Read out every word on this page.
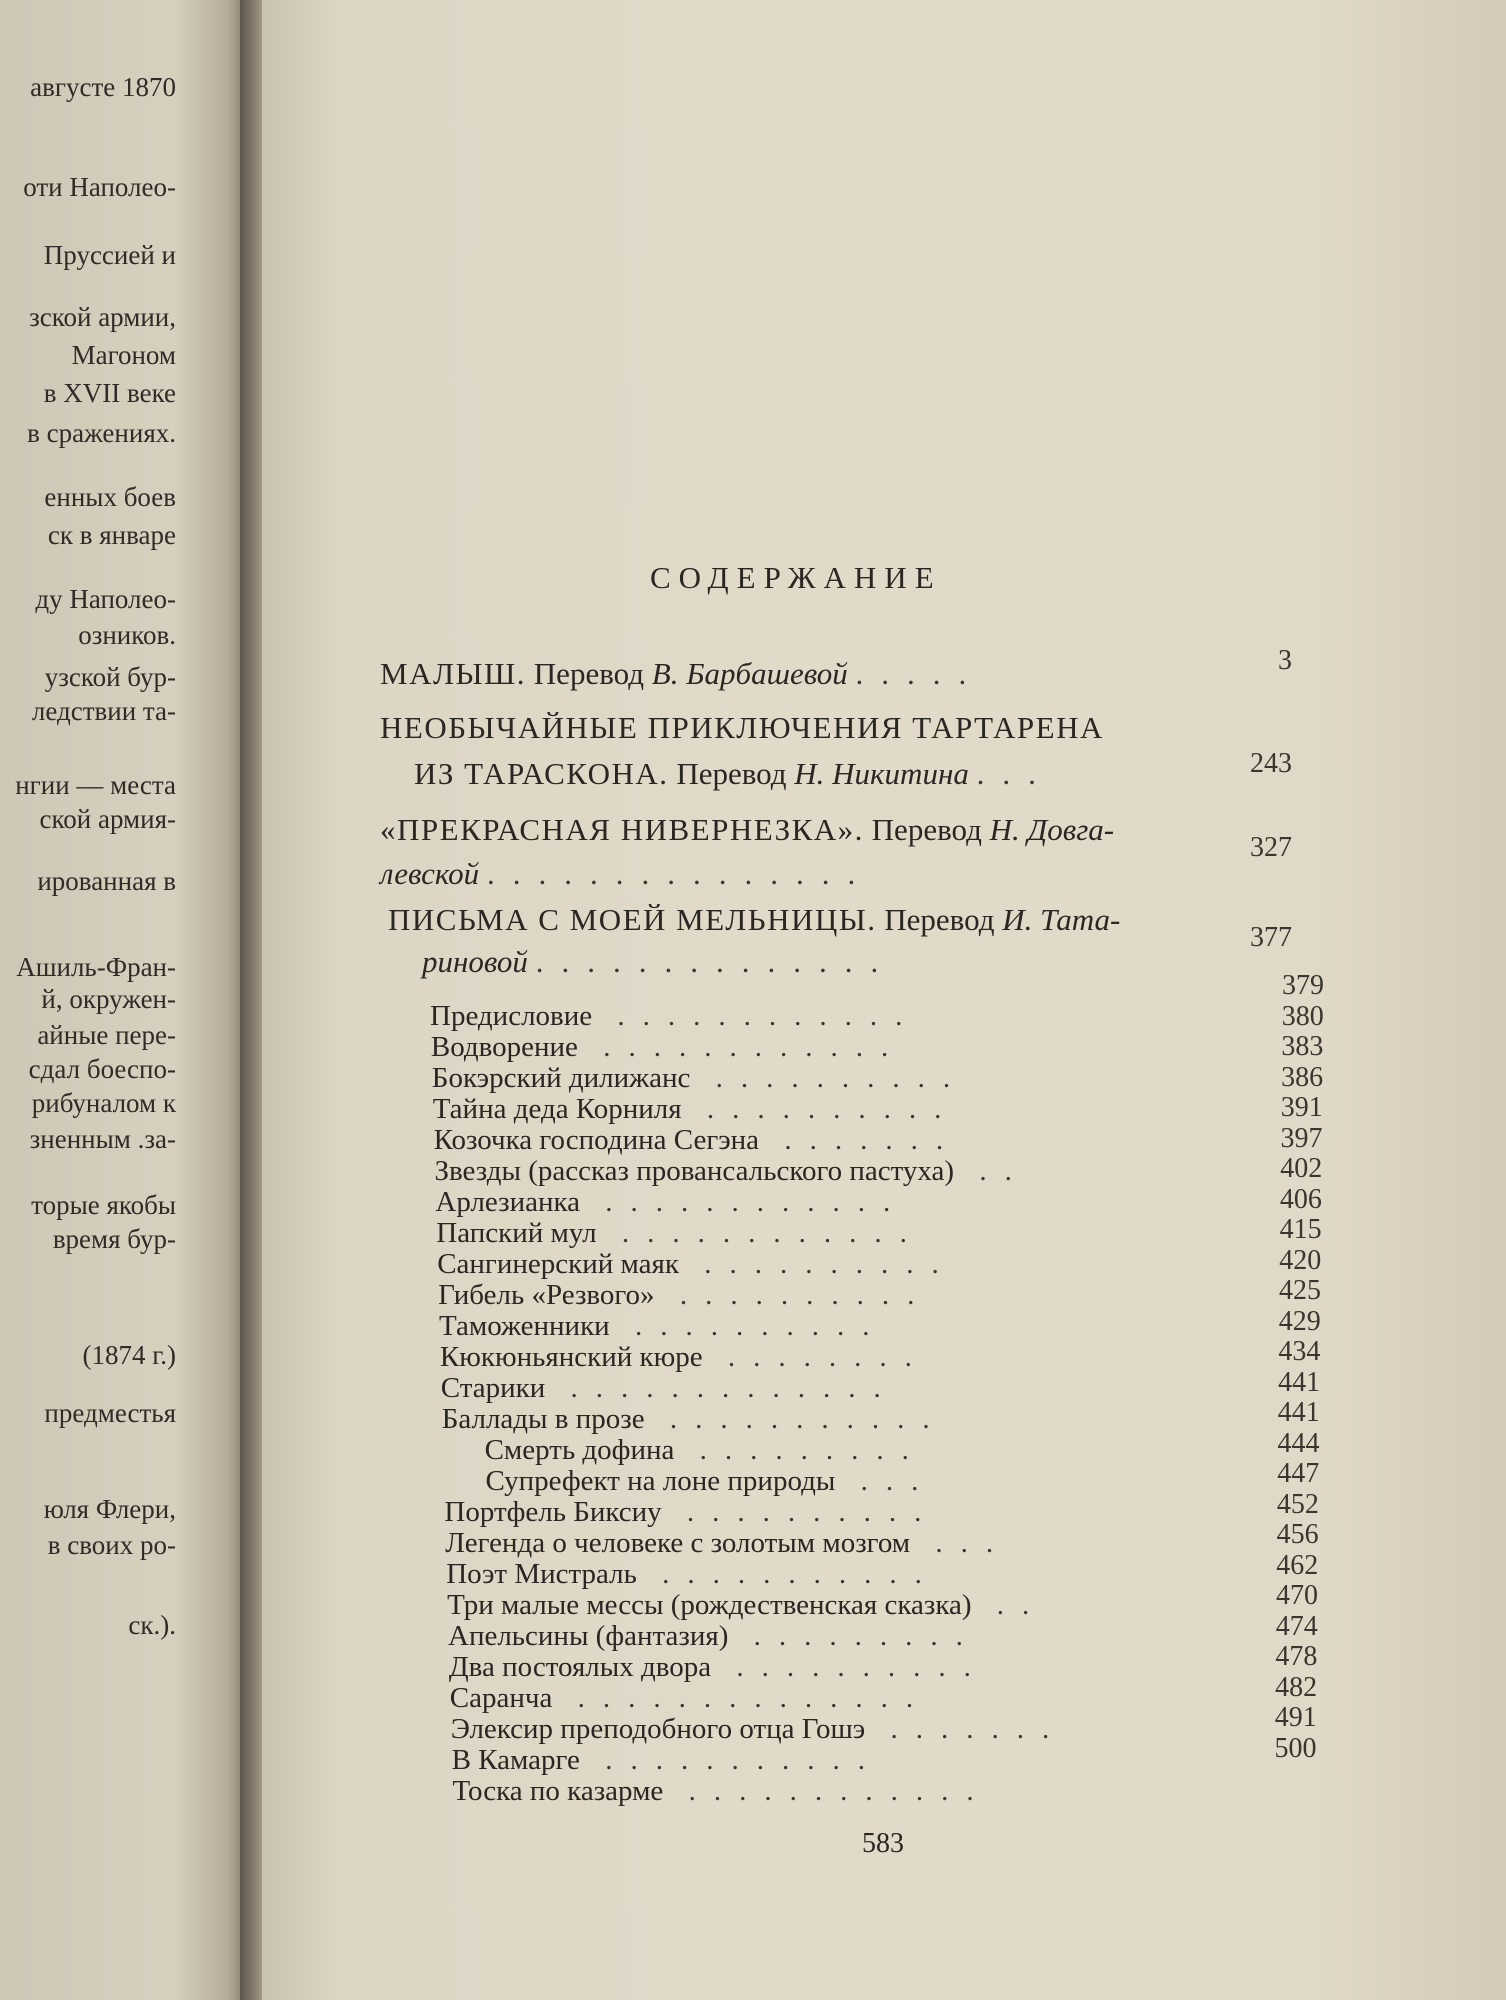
августе 1870
оти Наполео-
Пруссией и
зской армии,
Магоном
в XVII веке
в сражениях.
енных боев
ск в январе
ду Наполео-
озников.
узской бур-
ледствии та-
нгии — места
ской армия-
ированная в
Ашиль-Фран-
й, окружен-
айные пере-
сдал боеспо-
рибуналом к
зненным .за-
торые якобы
время бур-
(1874 г.)
предместья
юля Флери,
в своих ро-
ск.).
СОДЕРЖАНИЕ
МАЛЫШ. Перевод В. Барбашевой .....	3
НЕОБЫЧАЙНЫЕ ПРИКЛЮЧЕНИЯ ТАРТАРЕНА
ИЗ ТАРАСКОНА. Перевод Н. Никитина ...	243
«ПРЕКРАСНАЯ НИВЕРНЕЗКА». Перевод Н. Довга-
левской ...............
327
ПИСЬМА С МОЕЙ МЕЛЬНИЦЫ. Перевод И. Тата-
риновой ..............
377
Предисловие ............
Водворение ............
Бокэрский дилижанс ..........
Тайна деда Корниля ..........
Козочка господина Сегэна .......
Звезды (рассказ провансальского пастуха) ..
Арлезианка ............
Папский мул ............
Сангинерский маяк ..........
Гибель «Резвого» ..........
Таможенники ..........
Кюкюньянский кюре ........
Старики .............
Баллады в прозе ...........
Смерть дофина .........
Супрефект на лоне природы ...
Портфель Биксиу ..........
Легенда о человеке с золотым мозгом ...
Поэт Мистраль ...........
Три малые мессы (рождественская сказка) ..
Апельсины (фантазия) .........
Два постоялых двора ..........
Саранча ..............
Элексир преподобного отца Гошэ .......
В Камарге ...........
Тоска по казарме ............
379
380
383
386
391
397
402
406
415
420
425
429
434
441
441
444
447
452
456
462
470
474
478
482
491
500
583
